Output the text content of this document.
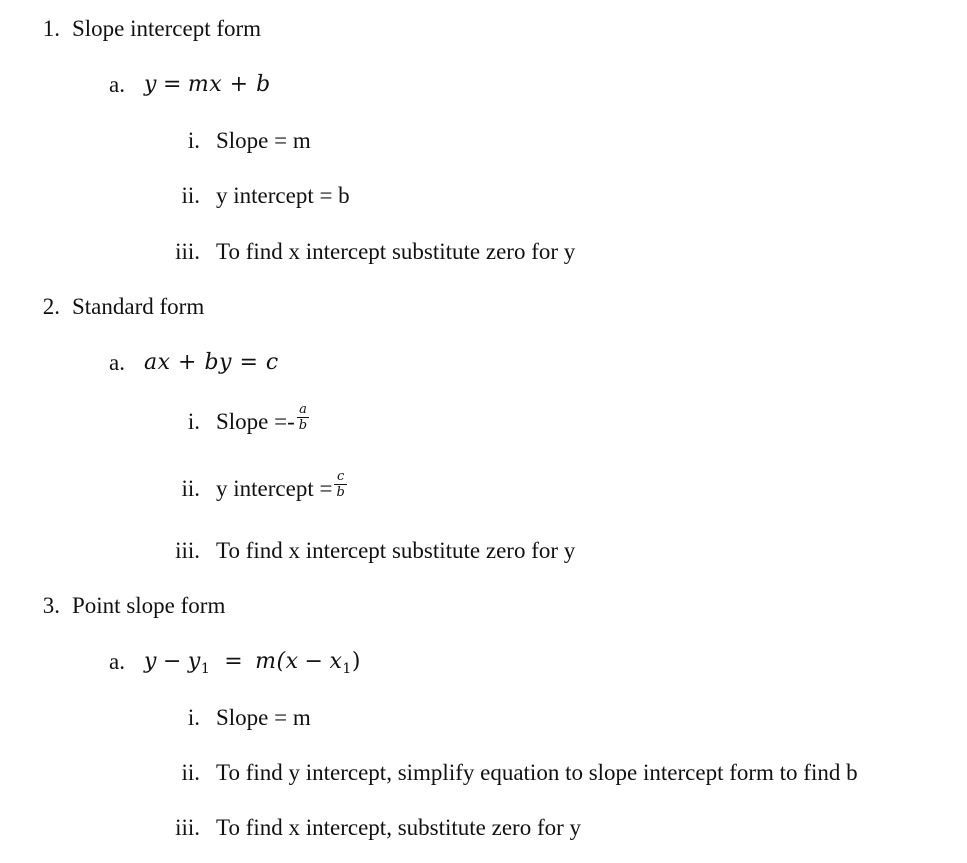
1. Slope intercept form
a. y = mx + b
i. Slope = m
ii. y intercept = b
iii. To find x intercept substitute zero for y
2. Standard form
a. ax + by = c
i. Slope =- $\frac{a}{b}$
ii. y intercept = $\frac{c}{b}$
iii. To find x intercept substitute zero for y
3. Point slope form
a. $y - y_1 = m(x - x_1)$
i. Slope = m
ii. To find y intercept, simplify equation to slope intercept form to find b
iii. To find x intercept, substitute zero for y
